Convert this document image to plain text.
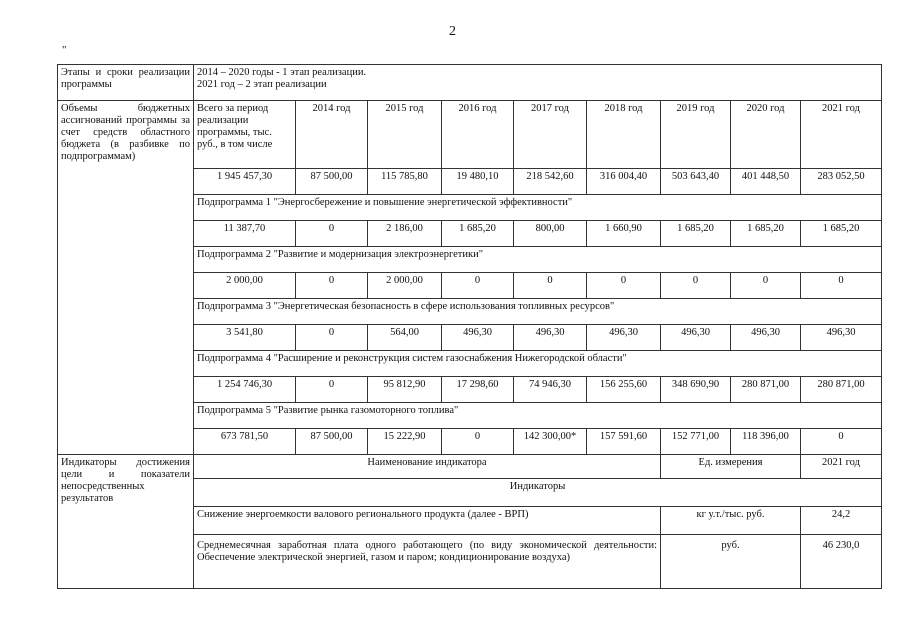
2
"
Этапы и сроки реализации программы	2014 – 2020 годы - 1 этап реализации.
2021 год – 2 этап реализации								

Объемы бюджетных ассигнований программы за счет средств областного бюджета (в разбивке по подпрограммам)	Всего за период реализации программы, тыс. руб., в том числе	2014 год	2015 год	2016 год	2017 год	2018 год	2019 год	2020 год	2021 год
	1 945 457,30	87 500,00	115 785,80	19 480,10	218 542,60	316 004,40	503 643,40	401 448,50	283 052,50
	Подпрограмма 1 "Энергосбережение и повышение энергетической эффективности"								
	11 387,70	0	2 186,00	1 685,20	800,00	1 660,90	1 685,20	1 685,20	1 685,20
	Подпрограмма 2 "Развитие и модернизация электроэнергетики"								
	2 000,00	0	2 000,00	0	0	0	0	0	0
	Подпрограмма 3 "Энергетическая безопасность в сфере использования топливных ресурсов"								
	3 541,80	0	564,00	496,30	496,30	496,30	496,30	496,30	496,30
	Подпрограмма 4 "Расширение и реконструкция систем газоснабжения Нижегородской области"								
	1 254 746,30	0	95 812,90	17 298,60	74 946,30	156 255,60	348 690,90	280 871,00	280 871,00
	Подпрограмма 5 "Развитие рынка газомоторного топлива"								
	673 781,50	87 500,00	15 222,90	0	142 300,00*	157 591,60	152 771,00	118 396,00	0
Индикаторы достижения цели и показатели непосредственных результатов	Наименование индикатора						Ед. измерения		2021 год
	Индикаторы								
	Снижение энергоемкости валового регионального продукта (далее - ВРП)						кг у.т./тыс. руб.		24,2
	Среднемесячная заработная плата одного работающего (по виду экономической деятельности: Обеспечение электрической энергией, газом и паром; кондиционирование воздуха)						руб.		46 230,0
